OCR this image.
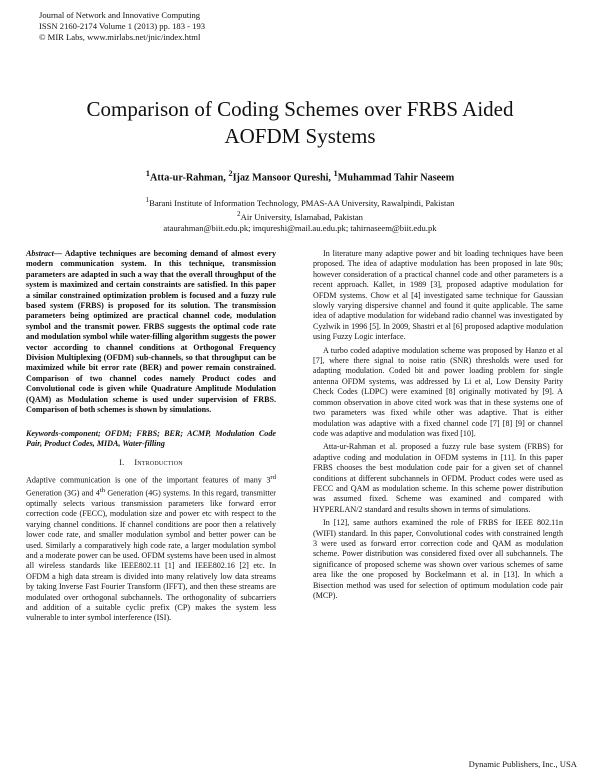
Journal of Network and Innovative Computing
ISSN 2160-2174 Volume 1 (2013) pp. 183 - 193
© MIR Labs, www.mirlabs.net/jnic/index.html
Comparison of Coding Schemes over FRBS Aided
AOFDM Systems
$^1$Atta-ur-Rahman, $^2$Ijaz Mansoor Qureshi, $^1$Muhammad Tahir Naseem
$^1$Barani Institute of Information Technology, PMAS-AA University, Rawalpindi, Pakistan
$^2$Air University, Islamabad, Pakistan
ataurahman@biit.edu.pk; imqureshi@mail.au.edu.pk; tahirnaseem@biit.edu.pk

Abstract— Adaptive techniques are becoming demand of almost every modern communication system. In this technique, transmission parameters are adapted in such a way that the overall throughput of the system is maximized and certain constraints are satisfied. In this paper a similar constrained optimization problem is focused and a fuzzy rule based system (FRBS) is proposed for its solution. The transmission parameters being optimized are practical channel code, modulation symbol and the transmit power. FRBS suggests the optimal code rate and modulation symbol while water-filling algorithm suggests the power vector according to channel conditions at Orthogonal Frequency Division Multiplexing (OFDM) sub-channels, so that throughput can be maximized while bit error rate (BER) and power remain constrained. Comparison of two channel codes namely Product codes and Convolutional code is given while Quadrature Amplitude Modulation (QAM) as Modulation scheme is used under supervision of FRBS. Comparison of both schemes is shown by simulations.

Keywords-component; OFDM; FRBS; BER; ACMP, Modulation Code Pair, Product Codes, MIDA, Water-filling

I. Introduction

Adaptive communication is one of the important features of many 3rd Generation (3G) and 4th Generation (4G) systems. In this regard, transmitter optimally selects various transmission parameters like forward error correction code (FECC), modulation size and power etc with respect to the varying channel conditions. If channel conditions are poor then a relatively lower code rate, and smaller modulation symbol and better power can be used. Similarly a comparatively high code rate, a larger modulation symbol and a moderate power can be used. OFDM systems have been used in almost all wireless standards like IEEE802.11 [1] and IEEE802.16 [2] etc. In OFDM a high data stream is divided into many relatively low data streams by taking Inverse Fast Fourier Transform (IFFT), and then these streams are modulated over orthogonal subchannels. The orthogonality of subcarriers and addition of a suitable cyclic prefix (CP) makes the system less vulnerable to inter symbol interference (ISI).

In literature many adaptive power and bit loading techniques have been proposed. The idea of adaptive modulation has been proposed in late 90s; however consideration of a practical channel code and other parameters is a recent approach. Kallet, in 1989 [3], proposed adaptive modulation for OFDM systems. Chow et al [4] investigated same technique for Gaussian slowly varying dispersive channel and found it quite applicable. The same idea of adaptive modulation for wideband radio channel was investigated by Cyzlwik in 1996 [5]. In 2009, Shastri et al [6] proposed adaptive modulation using Fuzzy Logic interface.

A turbo coded adaptive modulation scheme was proposed by Hanzo et al [7], where there signal to noise ratio (SNR) thresholds were used for adapting modulation. Coded bit and power loading problem for single antenna OFDM systems, was addressed by Li et al, Low Density Parity Check Codes (LDPC) were examined [8] originally motivated by [9]. A common observation in above cited work was that in these systems one of two parameters was fixed while other was adaptive. That is either modulation was adaptive with a fixed channel code [7] [8] [9] or channel code was adaptive and modulation was fixed [10].

Atta-ur-Rahman et al. proposed a fuzzy rule base system (FRBS) for adaptive coding and modulation in OFDM systems in [11]. In this paper FRBS chooses the best modulation code pair for a given set of channel conditions at different subchannels in OFDM. Product codes were used as FECC and QAM as modulation scheme. In this scheme power distribution was assumed fixed. Scheme was examined and compared with HYPERLAN/2 standard and results shown in terms of simulations.

In [12], same authors examined the role of FRBS for IEEE 802.11n (WIFI) standard. In this paper, Convolutional codes with constrained length 3 were used as forward error correction code and QAM as modulation scheme. Power distribution was considered fixed over all subchannels. The significance of proposed scheme was shown over various schemes of same area like the one proposed by Bockelmann et al. in [13]. In which a Bisection method was used for selection of optimum modulation code pair (MCP).

Dynamic Publishers, Inc., USA
